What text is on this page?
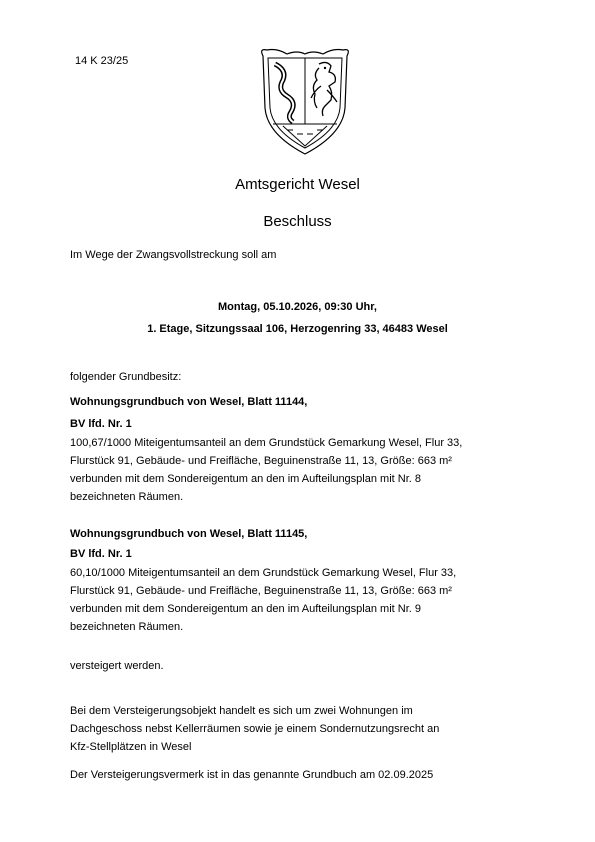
14 K 23/25
Amtsgericht Wesel
Beschluss
Im Wege der Zwangsvollstreckung soll am
Montag, 05.10.2026, 09:30 Uhr,
1. Etage, Sitzungssaal 106, Herzogenring 33, 46483 Wesel
folgender Grundbesitz:
Wohnungsgrundbuch von Wesel, Blatt 11144,
BV lfd. Nr. 1
100,67/1000 Miteigentumsanteil an dem Grundstück Gemarkung Wesel, Flur 33,
Flurstück 91, Gebäude- und Freifläche, Beguinenstraße 11, 13, Größe: 663 m²
verbunden mit dem Sondereigentum an den im Aufteilungsplan mit Nr. 8
bezeichneten Räumen.
Wohnungsgrundbuch von Wesel, Blatt 11145,
BV lfd. Nr. 1
60,10/1000 Miteigentumsanteil an dem Grundstück Gemarkung Wesel, Flur 33,
Flurstück 91, Gebäude- und Freifläche, Beguinenstraße 11, 13, Größe: 663 m²
verbunden mit dem Sondereigentum an den im Aufteilungsplan mit Nr. 9
bezeichneten Räumen.
versteigert werden.
Bei dem Versteigerungsobjekt handelt es sich um zwei Wohnungen im
Dachgeschoss nebst Kellerräumen sowie je einem Sondernutzungsrecht an
Kfz-Stellplätzen in Wesel
Der Versteigerungsvermerk ist in das genannte Grundbuch am 02.09.2025
